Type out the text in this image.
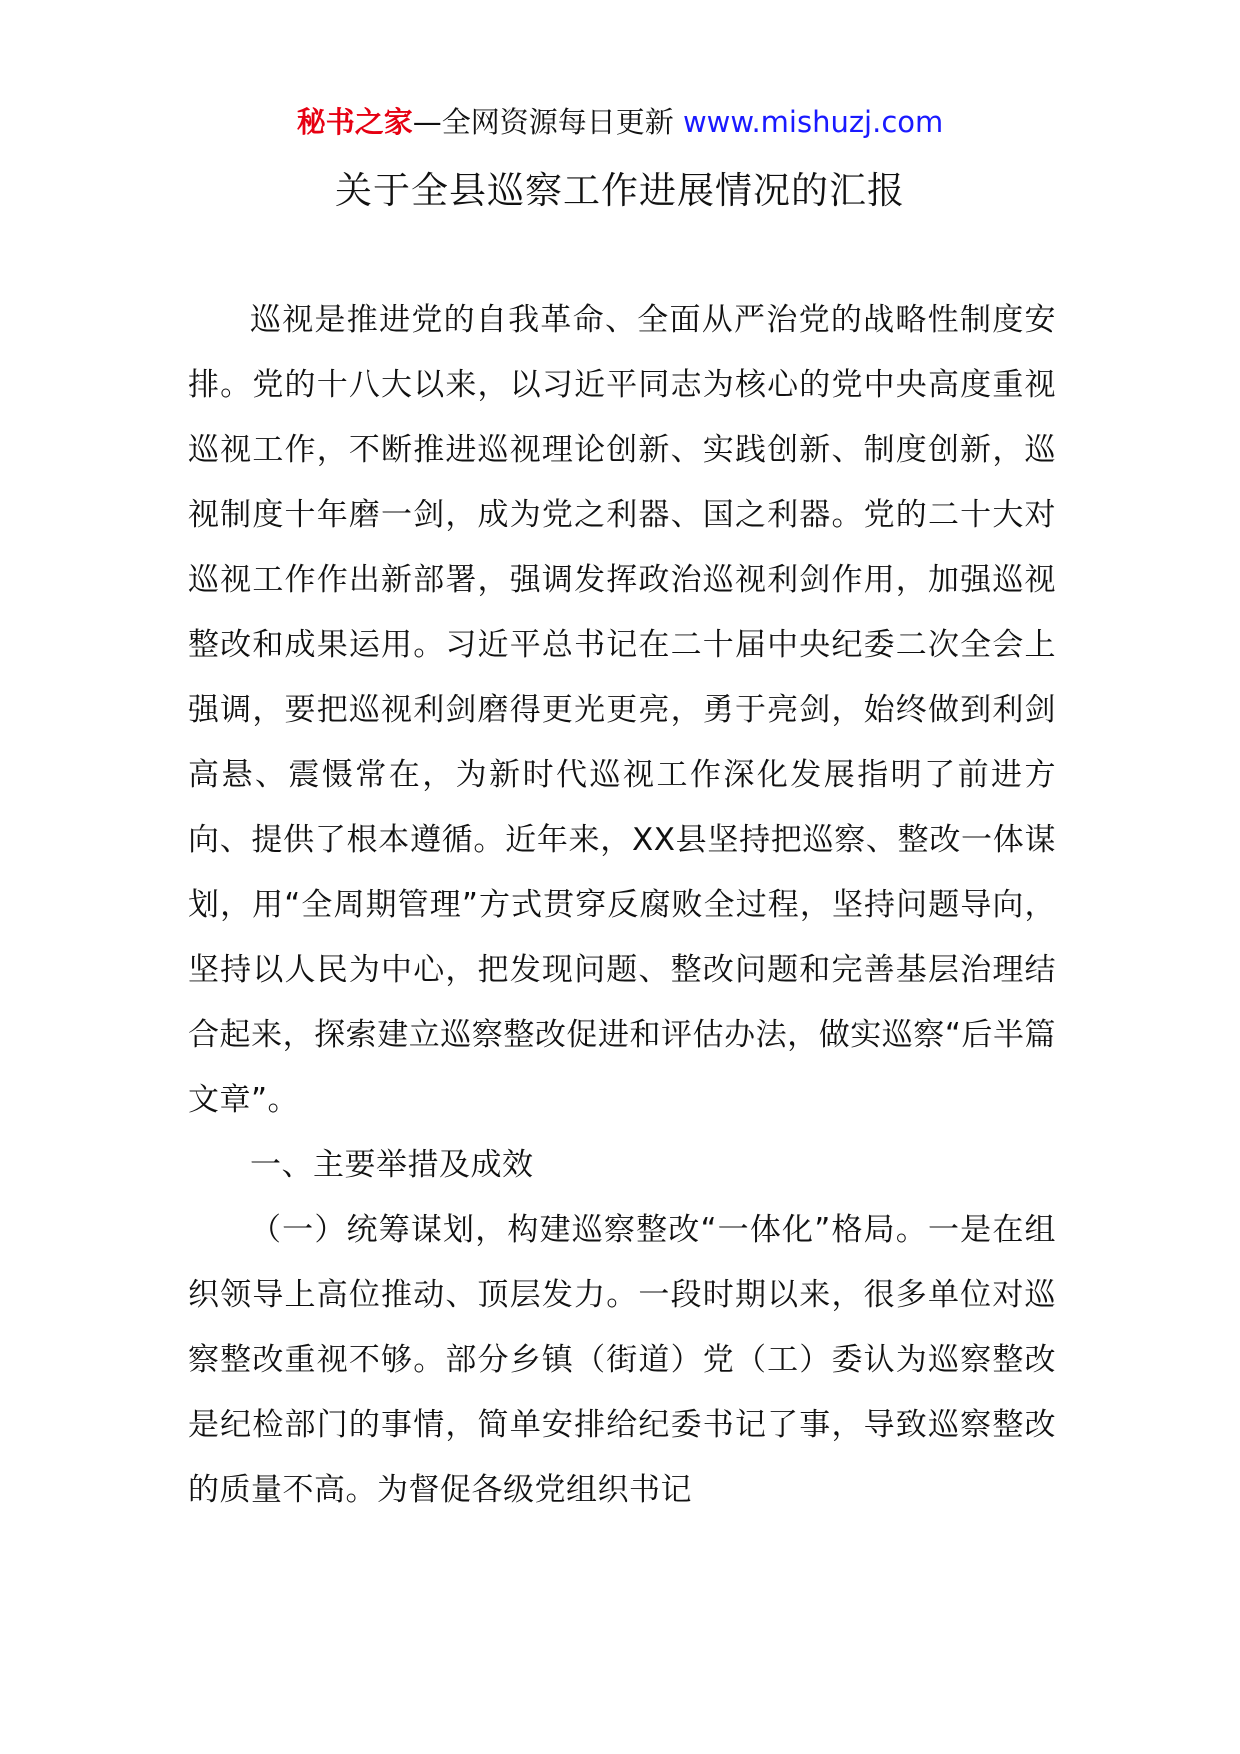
秘书之家—全网资源每日更新 www.mishuzj.com
关于全县巡察工作进展情况的汇报

巡视是推进党的自我革命、全面从严治党的战略性制度安排。党的十八大以来，以习近平同志为核心的党中央高度重视巡视工作，不断推进巡视理论创新、实践创新、制度创新，巡视制度十年磨一剑，成为党之利器、国之利器。党的二十大对巡视工作作出新部署，强调发挥政治巡视利剑作用，加强巡视整改和成果运用。习近平总书记在二十届中央纪委二次全会上强调，要把巡视利剑磨得更光更亮，勇于亮剑，始终做到利剑高悬、震慑常在，为新时代巡视工作深化发展指明了前进方向、提供了根本遵循。近年来，XX县坚持把巡察、整改一体谋划，用“全周期管理”方式贯穿反腐败全过程，坚持问题导向，坚持以人民为中心，把发现问题、整改问题和完善基层治理结合起来，探索建立巡察整改促进和评估办法，做实巡察“后半篇文章”。

一、主要举措及成效

（一）统筹谋划，构建巡察整改“一体化”格局。一是在组织领导上高位推动、顶层发力。一段时期以来，很多单位对巡察整改重视不够。部分乡镇（街道）党（工）委认为巡察整改是纪检部门的事情，简单安排给纪委书记了事，导致巡察整改的质量不高。为督促各级党组织书记
